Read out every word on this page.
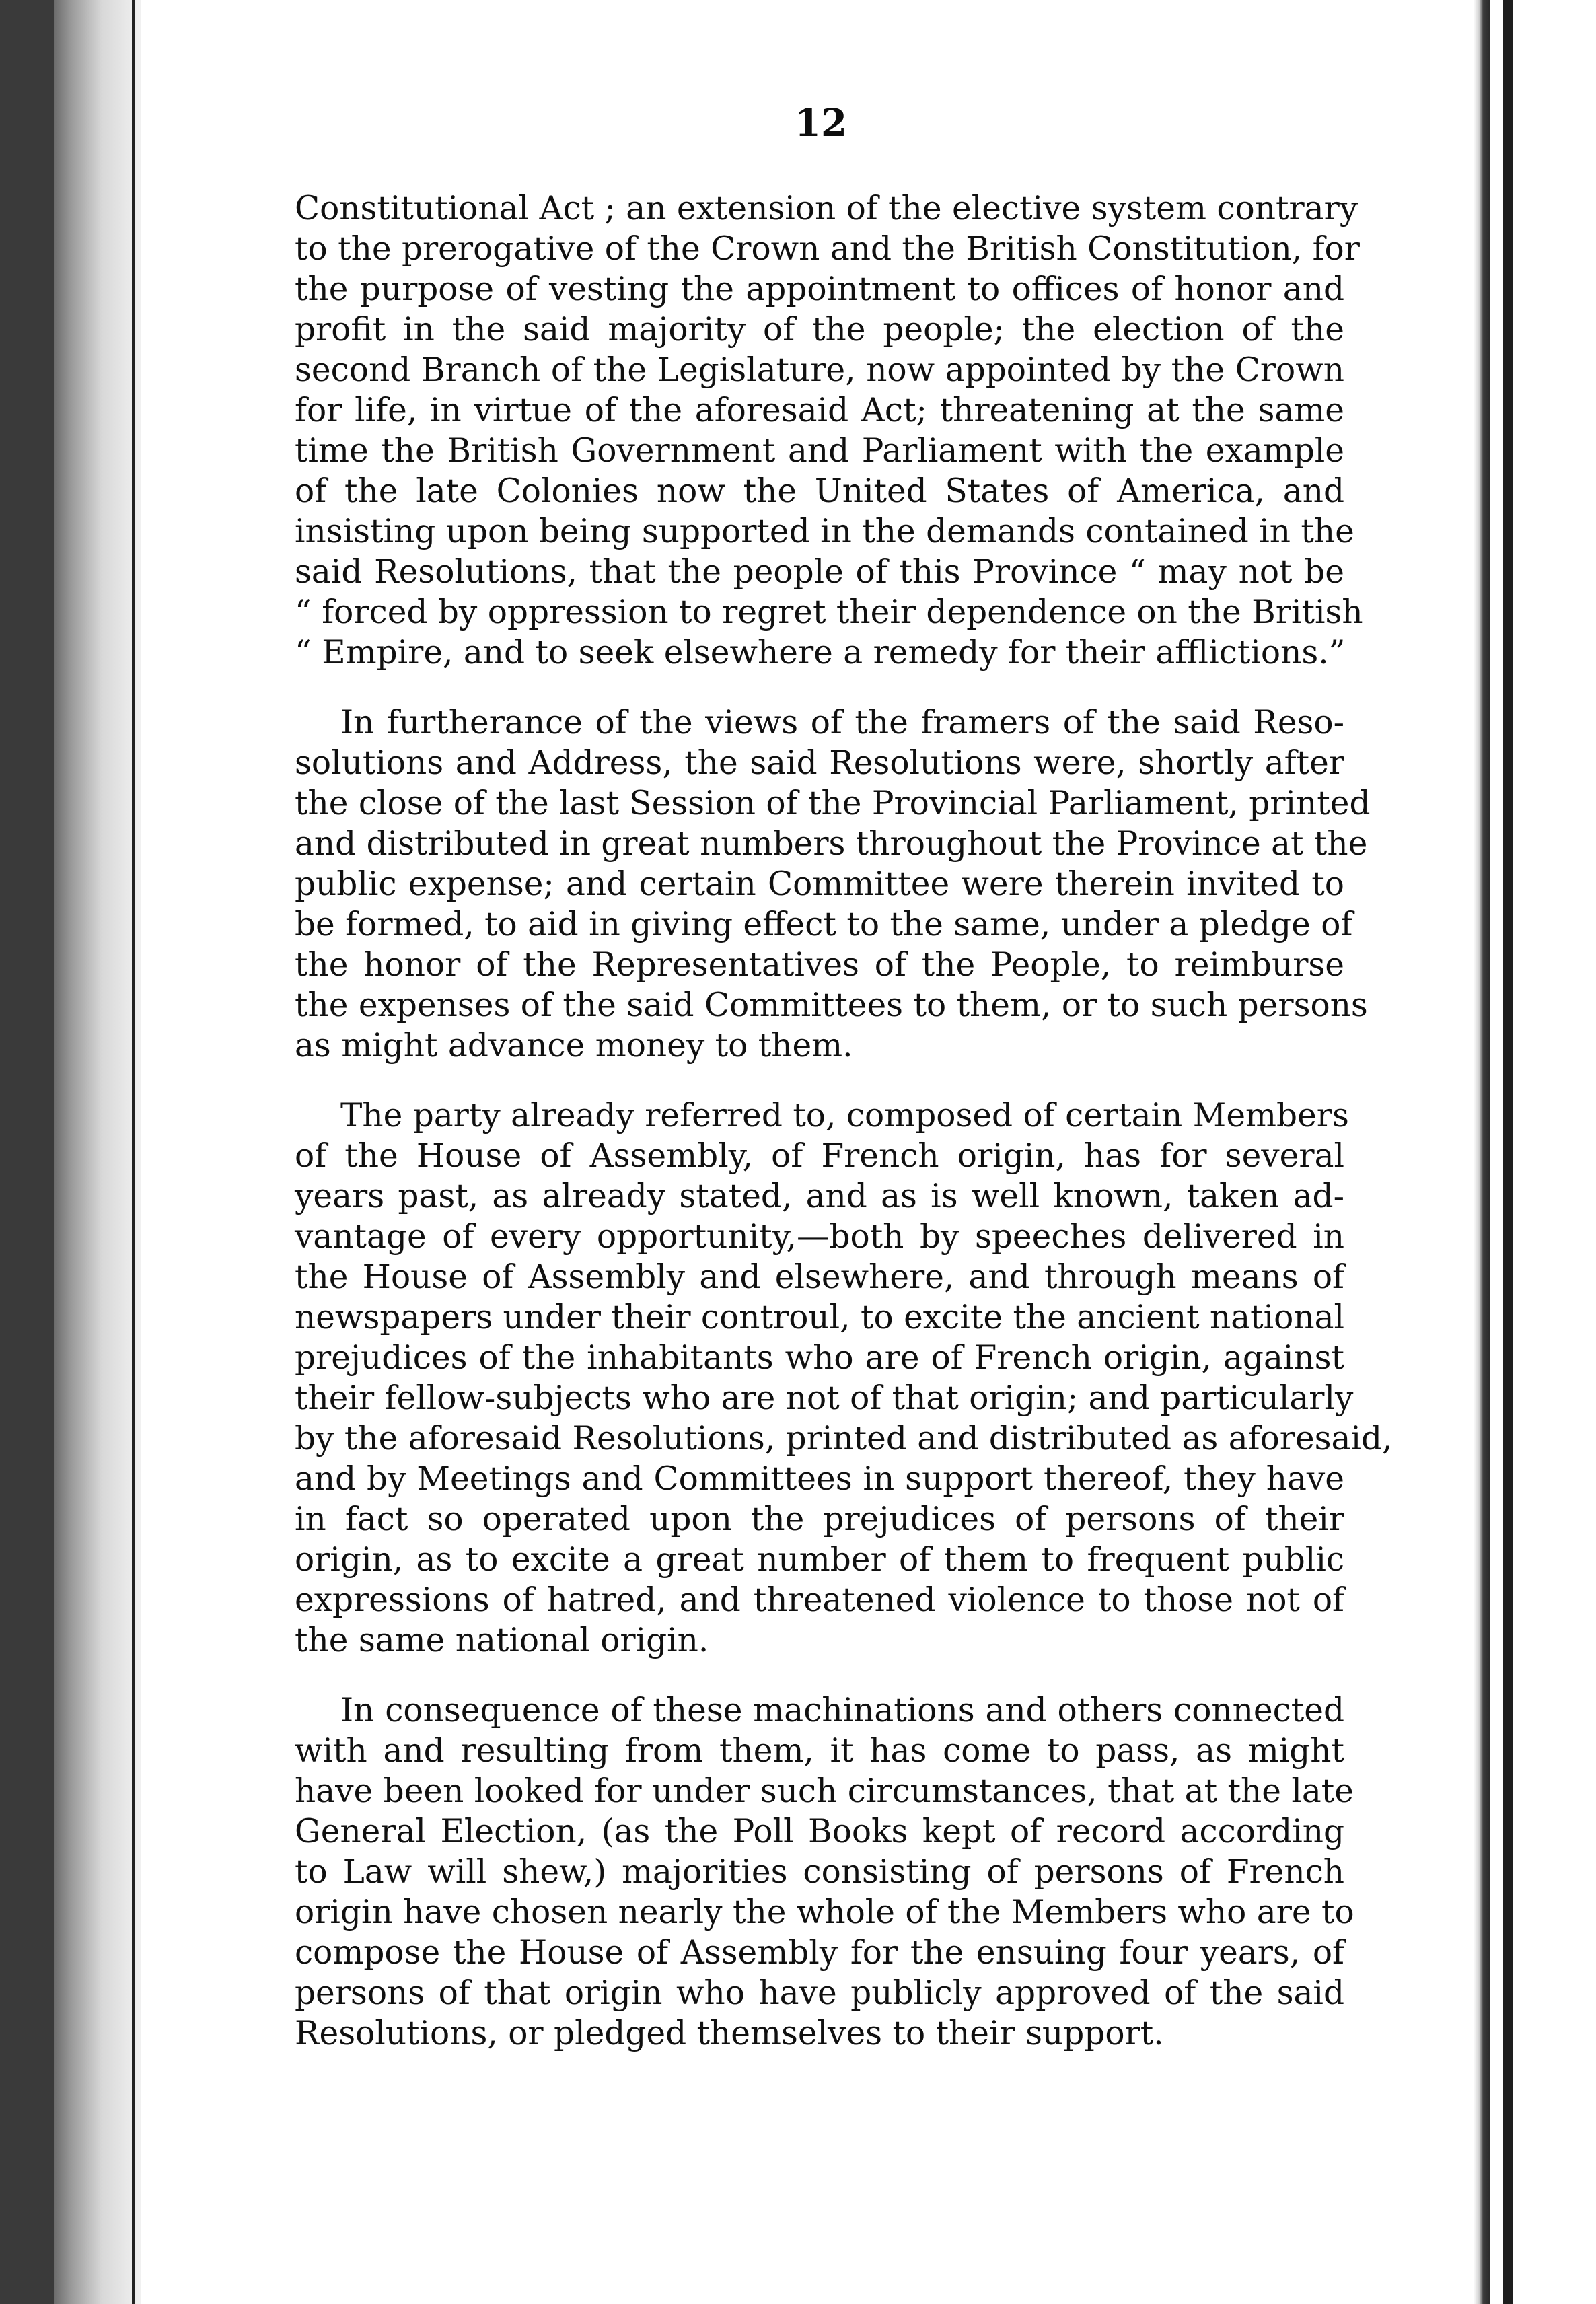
12
Constitutional Act ; an extension of the elective system contrary
to the prerogative of the Crown and the British Constitution, for
the purpose of vesting the appointment to offices of honor and
profit in the said majority of the people; the election of the
second Branch of the Legislature, now appointed by the Crown
for life, in virtue of the aforesaid Act; threatening at the same
time the British Government and Parliament with the example
of the late Colonies now the United States of America, and
insisting upon being supported in the demands contained in the
said Resolutions, that the people of this Province “ may not be
“ forced by oppression to regret their dependence on the British
“ Empire, and to seek elsewhere a remedy for their afflictions.”
In furtherance of the views of the framers of the said Reso-
solutions and Address, the said Resolutions were, shortly after
the close of the last Session of the Provincial Parliament, printed
and distributed in great numbers throughout the Province at the
public expense; and certain Committee were therein invited to
be formed, to aid in giving effect to the same, under a pledge of
the honor of the Representatives of the People, to reimburse
the expenses of the said Committees to them, or to such persons
as might advance money to them.
The party already referred to, composed of certain Members
of the House of Assembly, of French origin, has for several
years past, as already stated, and as is well known, taken ad-
vantage of every opportunity,—both by speeches delivered in
the House of Assembly and elsewhere, and through means of
newspapers under their controul, to excite the ancient national
prejudices of the inhabitants who are of French origin, against
their fellow-subjects who are not of that origin; and particularly
by the aforesaid Resolutions, printed and distributed as aforesaid,
and by Meetings and Committees in support thereof, they have
in fact so operated upon the prejudices of persons of their
origin, as to excite a great number of them to frequent public
expressions of hatred, and threatened violence to those not of
the same national origin.
In consequence of these machinations and others connected
with and resulting from them, it has come to pass, as might
have been looked for under such circumstances, that at the late
General Election, (as the Poll Books kept of record according
to Law will shew,) majorities consisting of persons of French
origin have chosen nearly the whole of the Members who are to
compose the House of Assembly for the ensuing four years, of
persons of that origin who have publicly approved of the said
Resolutions, or pledged themselves to their support.
